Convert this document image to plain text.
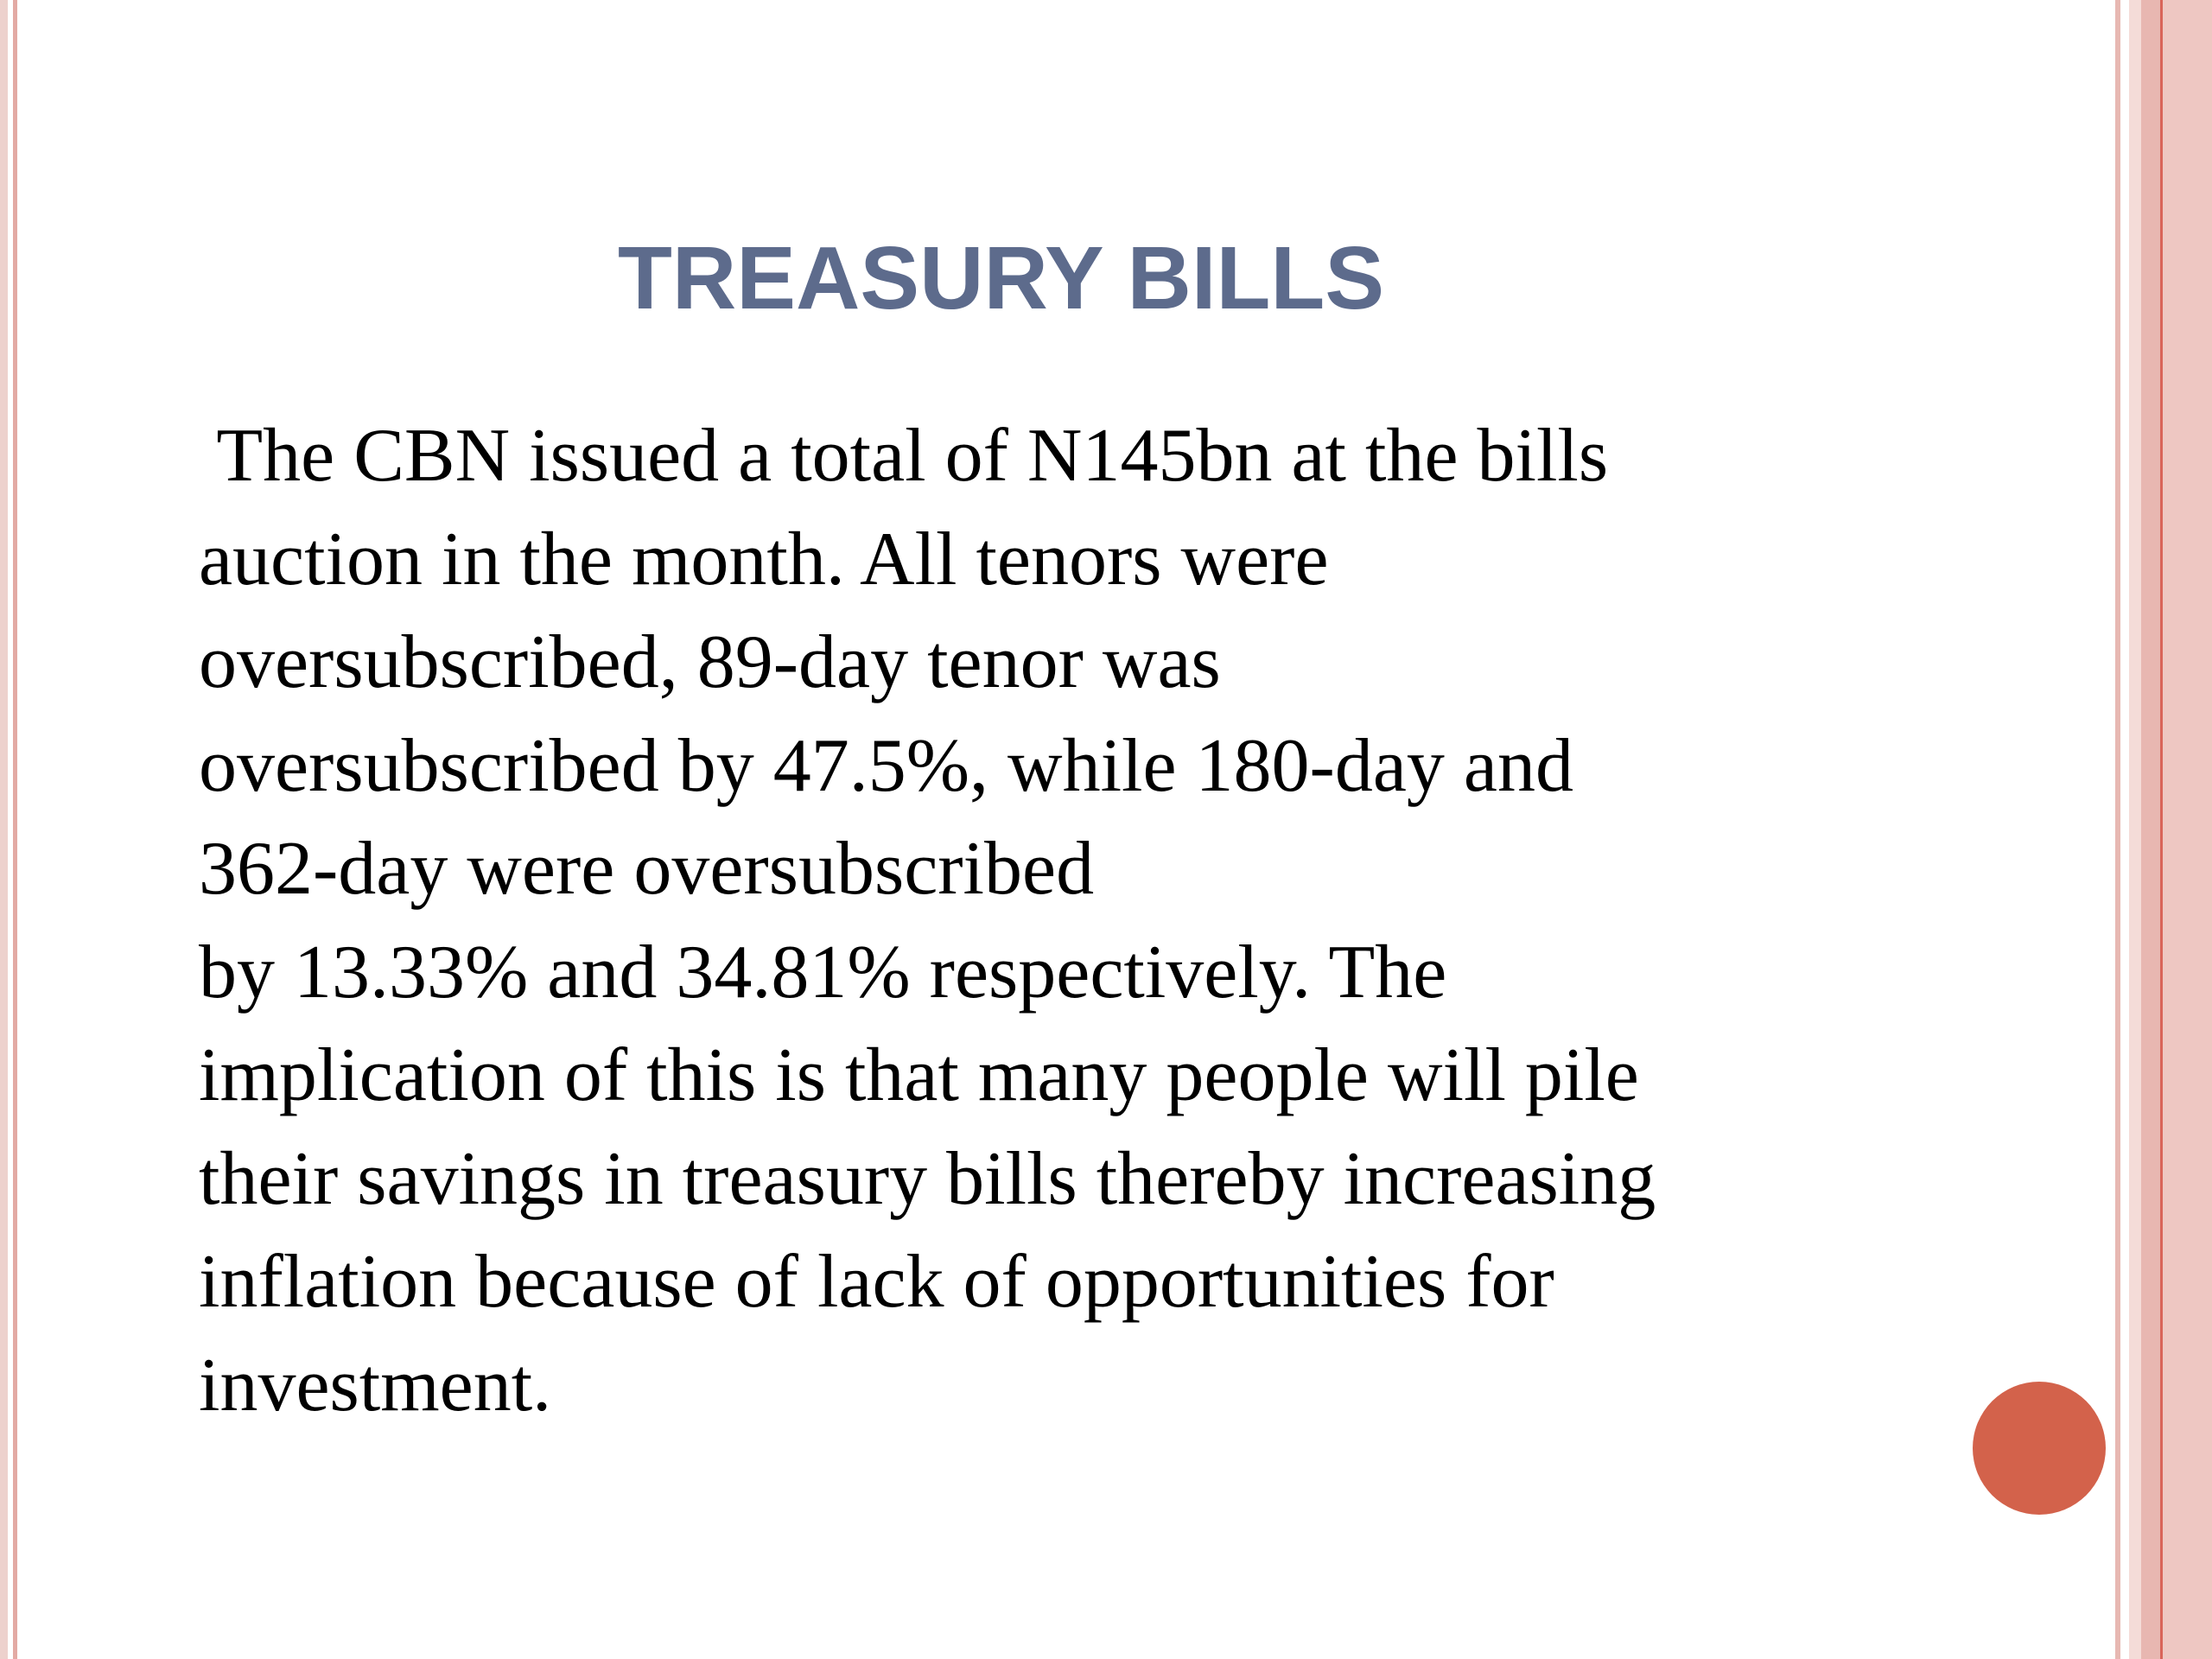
TREASURY BILLS
The CBN issued a total of N145bn at the bills
auction in the month. All tenors were
oversubscribed, 89-day tenor was
oversubscribed by 47.5%, while 180-day and
362-day were oversubscribed
by 13.33% and 34.81% respectively. The
implication of this is that many people will pile
their savings in treasury bills thereby increasing
inflation because of lack of opportunities for
investment.
